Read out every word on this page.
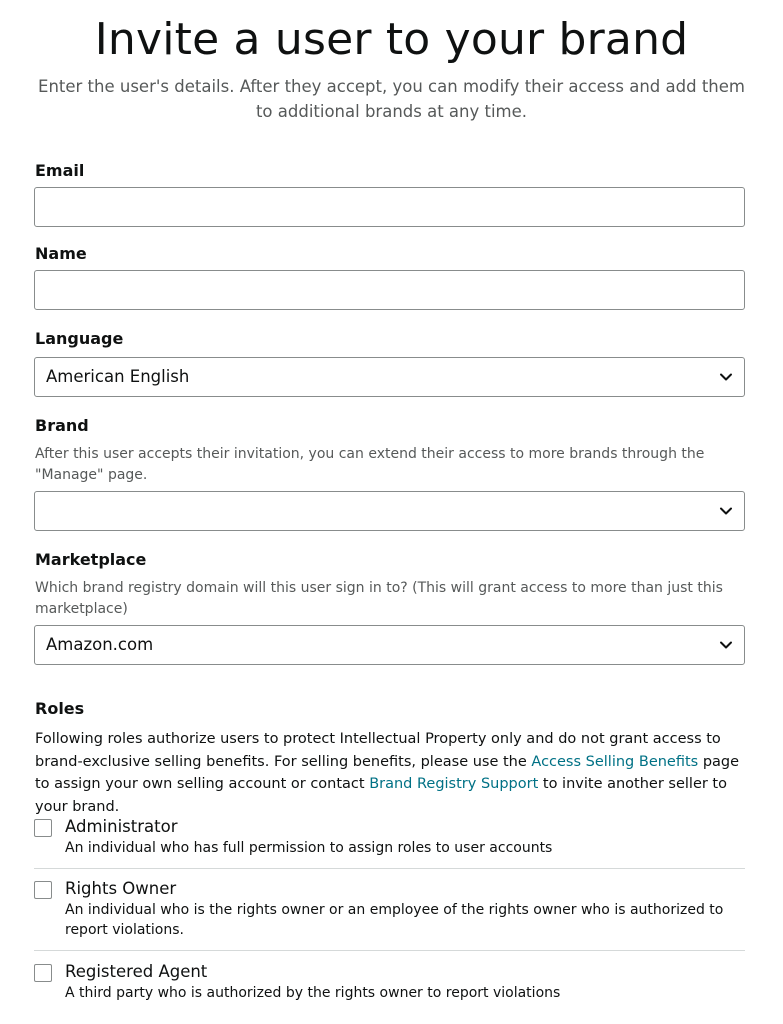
Invite a user to your brand

Enter the user's details. After they accept, you can modify their access and add them to additional brands at any time.

Email
Name
Language
American English
Brand

After this user accepts their invitation, you can extend their access to more brands through the "Manage" page.

Marketplace

Which brand registry domain will this user sign in to? (This will grant access to more than just this marketplace)

Amazon.com
Roles

Following roles authorize users to protect Intellectual Property only and do not grant access to brand-exclusive selling benefits. For selling benefits, please use the Access Selling Benefits page to assign your own selling account or contact Brand Registry Support to invite another seller to your brand.

Administrator
An individual who has full permission to assign roles to user accounts
Rights Owner
An individual who is the rights owner or an employee of the rights owner who is authorized to report violations.
Registered Agent
A third party who is authorized by the rights owner to report violations
